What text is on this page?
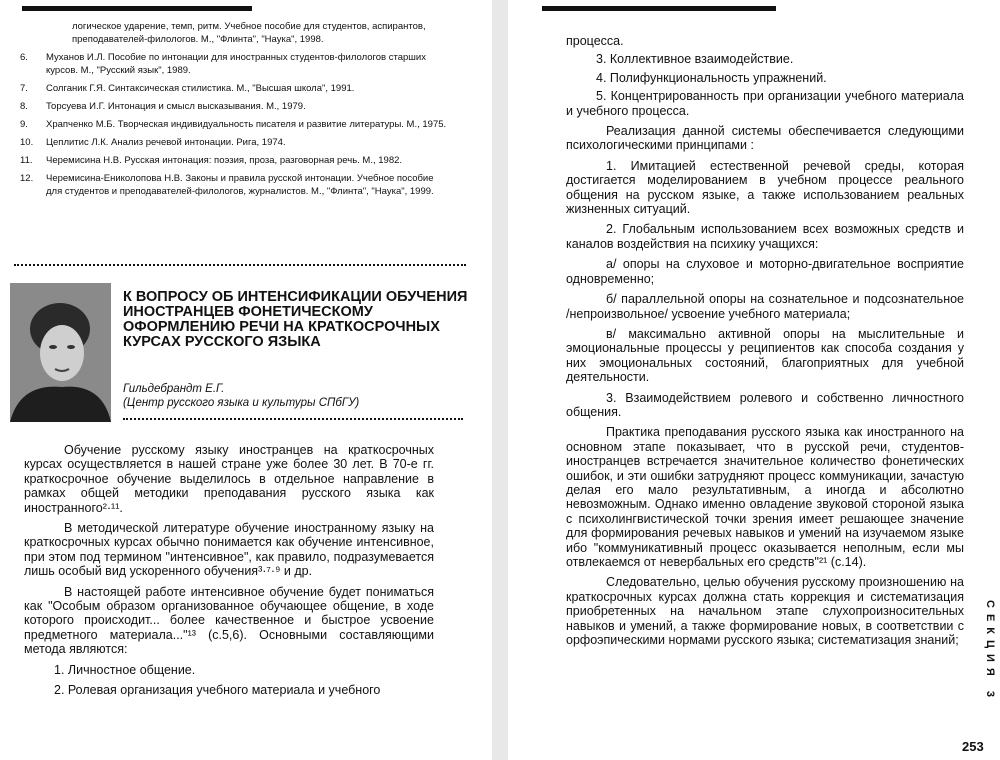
логическое ударение, темп, ритм. Учебное пособие для студентов, аспирантов, преподавателей-филологов. М., "Флинта", "Наука", 1998.
6.	Муханов И.Л. Пособие по интонации для иностранных студентов-филологов старших курсов. М., "Русский язык", 1989.
7.	Солганик Г.Я. Синтаксическая стилистика. М., "Высшая школа", 1991.
8.	Торсуева И.Г. Интонация и смысл высказывания. М., 1979.
9.	Храпченко М.Б. Творческая индивидуальность писателя и развитие литературы. М., 1975.
10.	Цеплитис Л.К. Анализ речевой интонации. Рига, 1974.
11.	Черемисина Н.В. Русская интонация: поэзия, проза, разговорная речь. М., 1982.
12.	Черемисина-Ениколопова Н.В. Законы и правила русской интонации. Учебное пособие для студентов и преподавателей-филологов, журналистов. М., "Флинта", "Наука", 1999.
К ВОПРОСУ ОБ ИНТЕНСИФИКАЦИИ ОБУЧЕНИЯ ИНОСТРАНЦЕВ ФОНЕТИЧЕСКОМУ ОФОРМЛЕНИЮ РЕЧИ НА КРАТКОСРОЧНЫХ КУРСАХ РУССКОГО ЯЗЫКА
Гильдебрандт Е.Г.
(Центр русского языка и культуры СПбГУ)

Обучение русскому языку иностранцев на краткосрочных курсах осуществляется в нашей стране уже более 30 лет. В 70-е гг. краткосрочное обучение выделилось в отдельное направление в рамках общей методики преподавания русского языка как иностранного²·¹¹.

В методической литературе обучение иностранному языку на краткосрочных курсах обычно понимается как обучение интенсивное, при этом под термином "интенсивное", как правило, подразумевается лишь особый вид ускоренного обучения³·⁷·⁹ и др.

В настоящей работе интенсивное обучение будет пониматься как "Особым образом организованное обучающее общение, в ходе которого происходит... более качественное и быстрое усвоение предметного материала..."¹³ (с.5,6). Основными составляющими метода являются:

1. Личностное общение.

2. Ролевая организация учебного материала и учебного

процесса.

3. Коллективное взаимодействие.

4. Полифункциональность упражнений.

5. Концентрированность при организации учебного материала и учебного процесса.

Реализация данной системы обеспечивается следующими психологическими принципами :

1. Имитацией естественной речевой среды, которая достигается моделированием в учебном процессе реального общения на русском языке, а также использованием реальных жизненных ситуаций.

2. Глобальным использованием всех возможных средств и каналов воздействия на психику учащихся:

а/ опоры на слуховое и моторно-двигательное восприятие одновременно;

б/ параллельной опоры на сознательное и подсознательное /непроизвольное/ усвоение учебного материала;

в/ максимально активной опоры на мыслительные и эмоциональные процессы у реципиентов как способа создания у них эмоциональных состояний, благоприятных для учебной деятельности.

3. Взаимодействием ролевого и собственно личностного общения.

Практика преподавания русского языка как иностранного на основном этапе показывает, что в русской речи, студентов-иностранцев встречается значительное количество фонетических ошибок, и эти ошибки затрудняют процесс коммуникации, зачастую делая его мало результативным, а иногда и абсолютно невозможным. Однако именно овладение звуковой стороной языка с психолингвистической точки зрения имеет решающее значение для формирования речевых навыков и умений на изучаемом языке ибо "коммуникативный процесс оказывается неполным, если мы отвлекаемся от невербальных его средств"²¹ (с.14).

Следовательно, целью обучения русскому произношению на краткосрочных курсах должна стать коррекция и систематизация приобретенных на начальном этапе слухопроизносительных навыков и умений, а также формирование новых, в соответствии с орфоэпическими нормами русского языка; систематизация знаний;	СЕКЦИЯ 3
253
